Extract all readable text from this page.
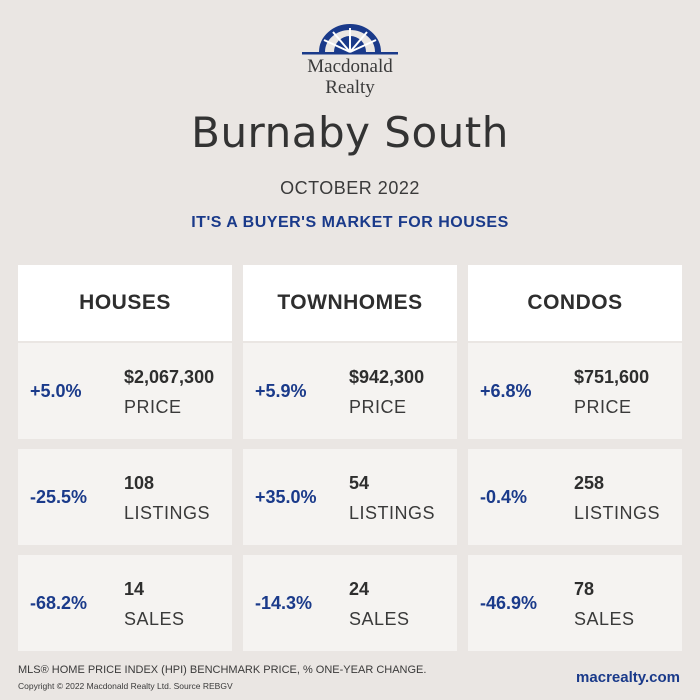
Macdonald
Realty
Burnaby South
OCTOBER 2022
IT'S A BUYER'S MARKET FOR HOUSES
HOUSES
+5.0%
$2,067,300
PRICE
-25.5%
108
LISTINGS
-68.2%
14
SALES
TOWNHOMES
+5.9%
$942,300
PRICE
+35.0%
54
LISTINGS
-14.3%
24
SALES
CONDOS
+6.8%
$751,600
PRICE
-0.4%
258
LISTINGS
-46.9%
78
SALES
MLS® HOME PRICE INDEX (HPI) BENCHMARK PRICE, % ONE-YEAR CHANGE.
Copyright © 2022 Macdonald Realty Ltd. Source REBGV	macrealty.com
